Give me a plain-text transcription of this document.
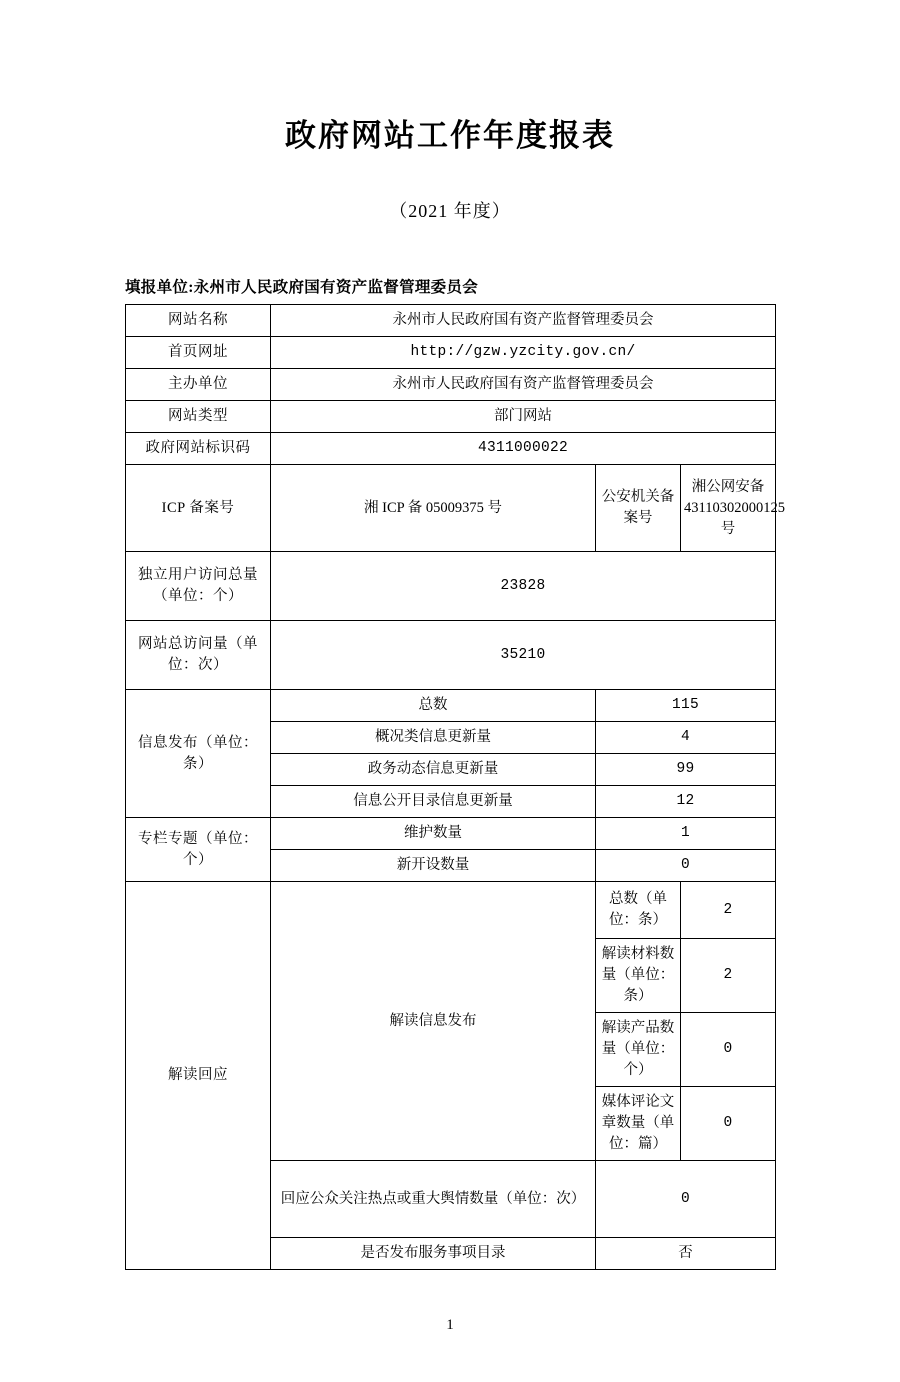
政府网站工作年度报表
（2021 年度）
填报单位:永州市人民政府国有资产监督管理委员会
网站名称	永州市人民政府国有资产监督管理委员会		
首页网址	http://gzw.yzcity.gov.cn/		
主办单位	永州市人民政府国有资产监督管理委员会		
网站类型	部门网站		
政府网站标识码	4311000022		
ICP 备案号	湘 ICP 备 05009375 号	公安机关备案号	湘公网安备 43110302000125 号
独立用户访问总量（单位：个）	23828		
网站总访问量（单位：次）	35210		
信息发布（单位：条）	总数	115	
	概况类信息更新量	4	
	政务动态信息更新量	99	
	信息公开目录信息更新量	12	
专栏专题（单位：个）	维护数量	1	
	新开设数量	0	
解读回应	解读信息发布	总数（单位：条）	2
		解读材料数量（单位：条）	2
		解读产品数量（单位：个）	0
		媒体评论文章数量（单位：篇）	0
	回应公众关注热点或重大舆情数量（单位：次）	0	
	是否发布服务事项目录	否	
1
